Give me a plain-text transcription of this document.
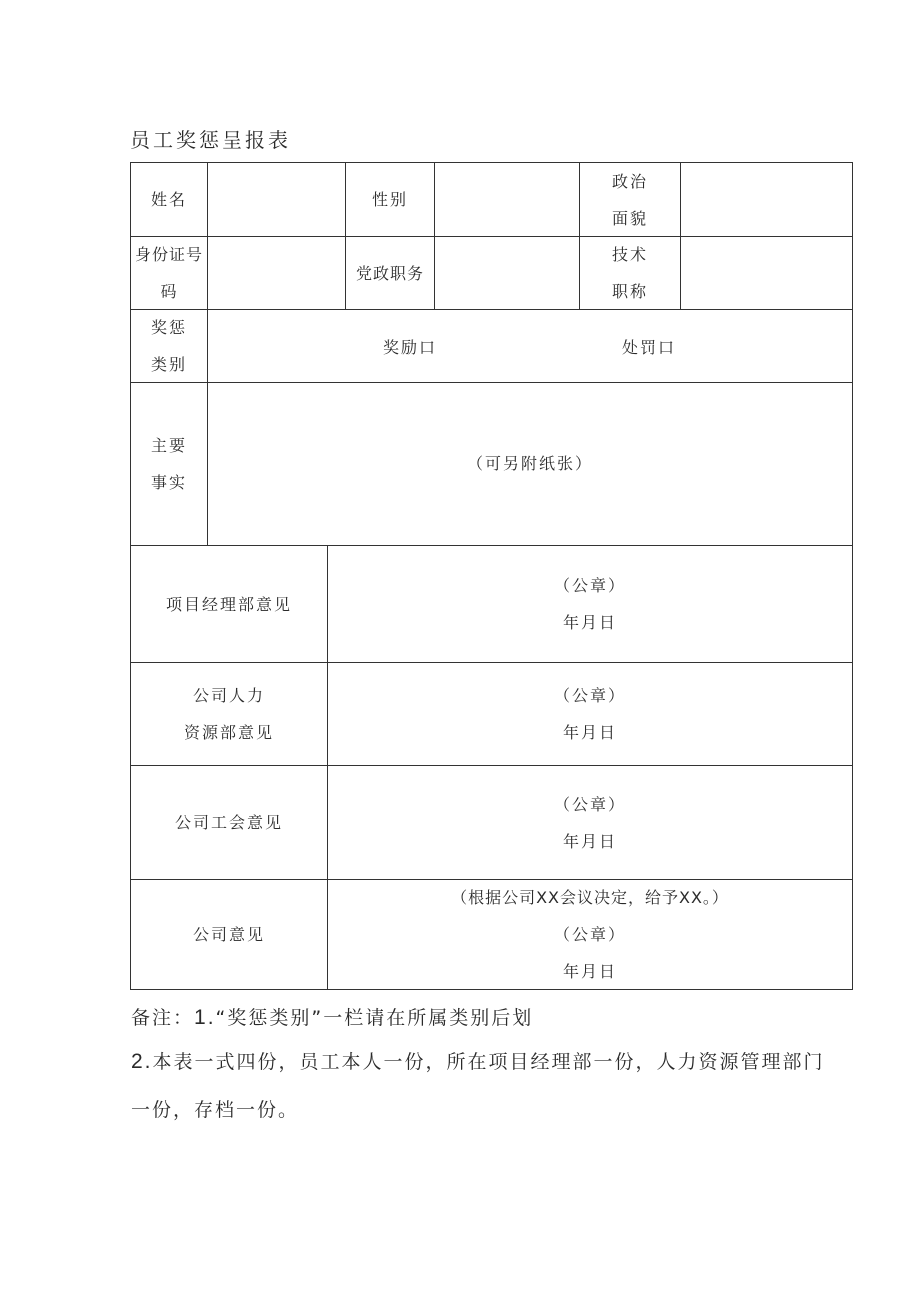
员工奖惩呈报表
姓名	性别
政治
面貌
身份证号
码
党政职务
技术
职称
奖惩
类别
奖励口	处罚口
主要
事实
（可另附纸张）
项目经理部意见
（公章）
年月日
公司人力
资源部意见
（公章）
年月日
公司工会意见
（公章）
年月日
公司意见
（根据公司XX会议决定，给予XX。）
（公章）
年月日
备注：1.“奖惩类别”一栏请在所属类别后划
2.本表一式四份，员工本人一份，所在项目经理部一份，人力资源管理部门
一份，存档一份。
